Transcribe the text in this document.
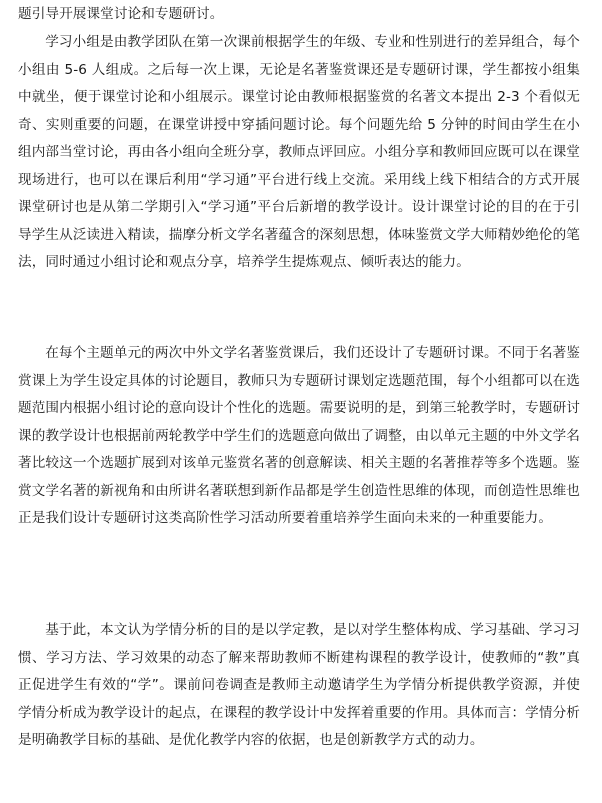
题引导开展课堂讨论和专题研讨。

学习小组是由教学团队在第一次课前根据学生的年级、专业和性别进行的差异组合，每个小组由 5-6 人组成。之后每一次上课，无论是名著鉴赏课还是专题研讨课，学生都按小组集中就坐，便于课堂讨论和小组展示。课堂讨论由教师根据鉴赏的名著文本提出 2-3 个看似无奇、实则重要的问题，在课堂讲授中穿插问题讨论。每个问题先给 5 分钟的时间由学生在小组内部当堂讨论，再由各小组向全班分享，教师点评回应。小组分享和教师回应既可以在课堂现场进行，也可以在课后利用“学习通”平台进行线上交流。采用线上线下相结合的方式开展课堂研讨也是从第二学期引入“学习通”平台后新增的教学设计。设计课堂讨论的目的在于引导学生从泛读进入精读，揣摩分析文学名著蕴含的深刻思想，体味鉴赏文学大师精妙绝伦的笔法，同时通过小组讨论和观点分享，培养学生提炼观点、倾听表达的能力。

在每个主题单元的两次中外文学名著鉴赏课后，我们还设计了专题研讨课。不同于名著鉴赏课上为学生设定具体的讨论题目，教师只为专题研讨课划定选题范围，每个小组都可以在选题范围内根据小组讨论的意向设计个性化的选题。需要说明的是，到第三轮教学时，专题研讨课的教学设计也根据前两轮教学中学生们的选题意向做出了调整，由以单元主题的中外文学名著比较这一个选题扩展到对该单元鉴赏名著的创意解读、相关主题的名著推荐等多个选题。鉴赏文学名著的新视角和由所讲名著联想到新作品都是学生创造性思维的体现，而创造性思维也正是我们设计专题研讨这类高阶性学习活动所要着重培养学生面向未来的一种重要能力。

基于此，本文认为学情分析的目的是以学定教，是以对学生整体构成、学习基础、学习习惯、学习方法、学习效果的动态了解来帮助教师不断建构课程的教学设计，使教师的“教”真正促进学生有效的“学”。课前问卷调查是教师主动邀请学生为学情分析提供教学资源，并使学情分析成为教学设计的起点，在课程的教学设计中发挥着重要的作用。具体而言：学情分析是明确教学目标的基础、是优化教学内容的依据，也是创新教学方式的动力。
